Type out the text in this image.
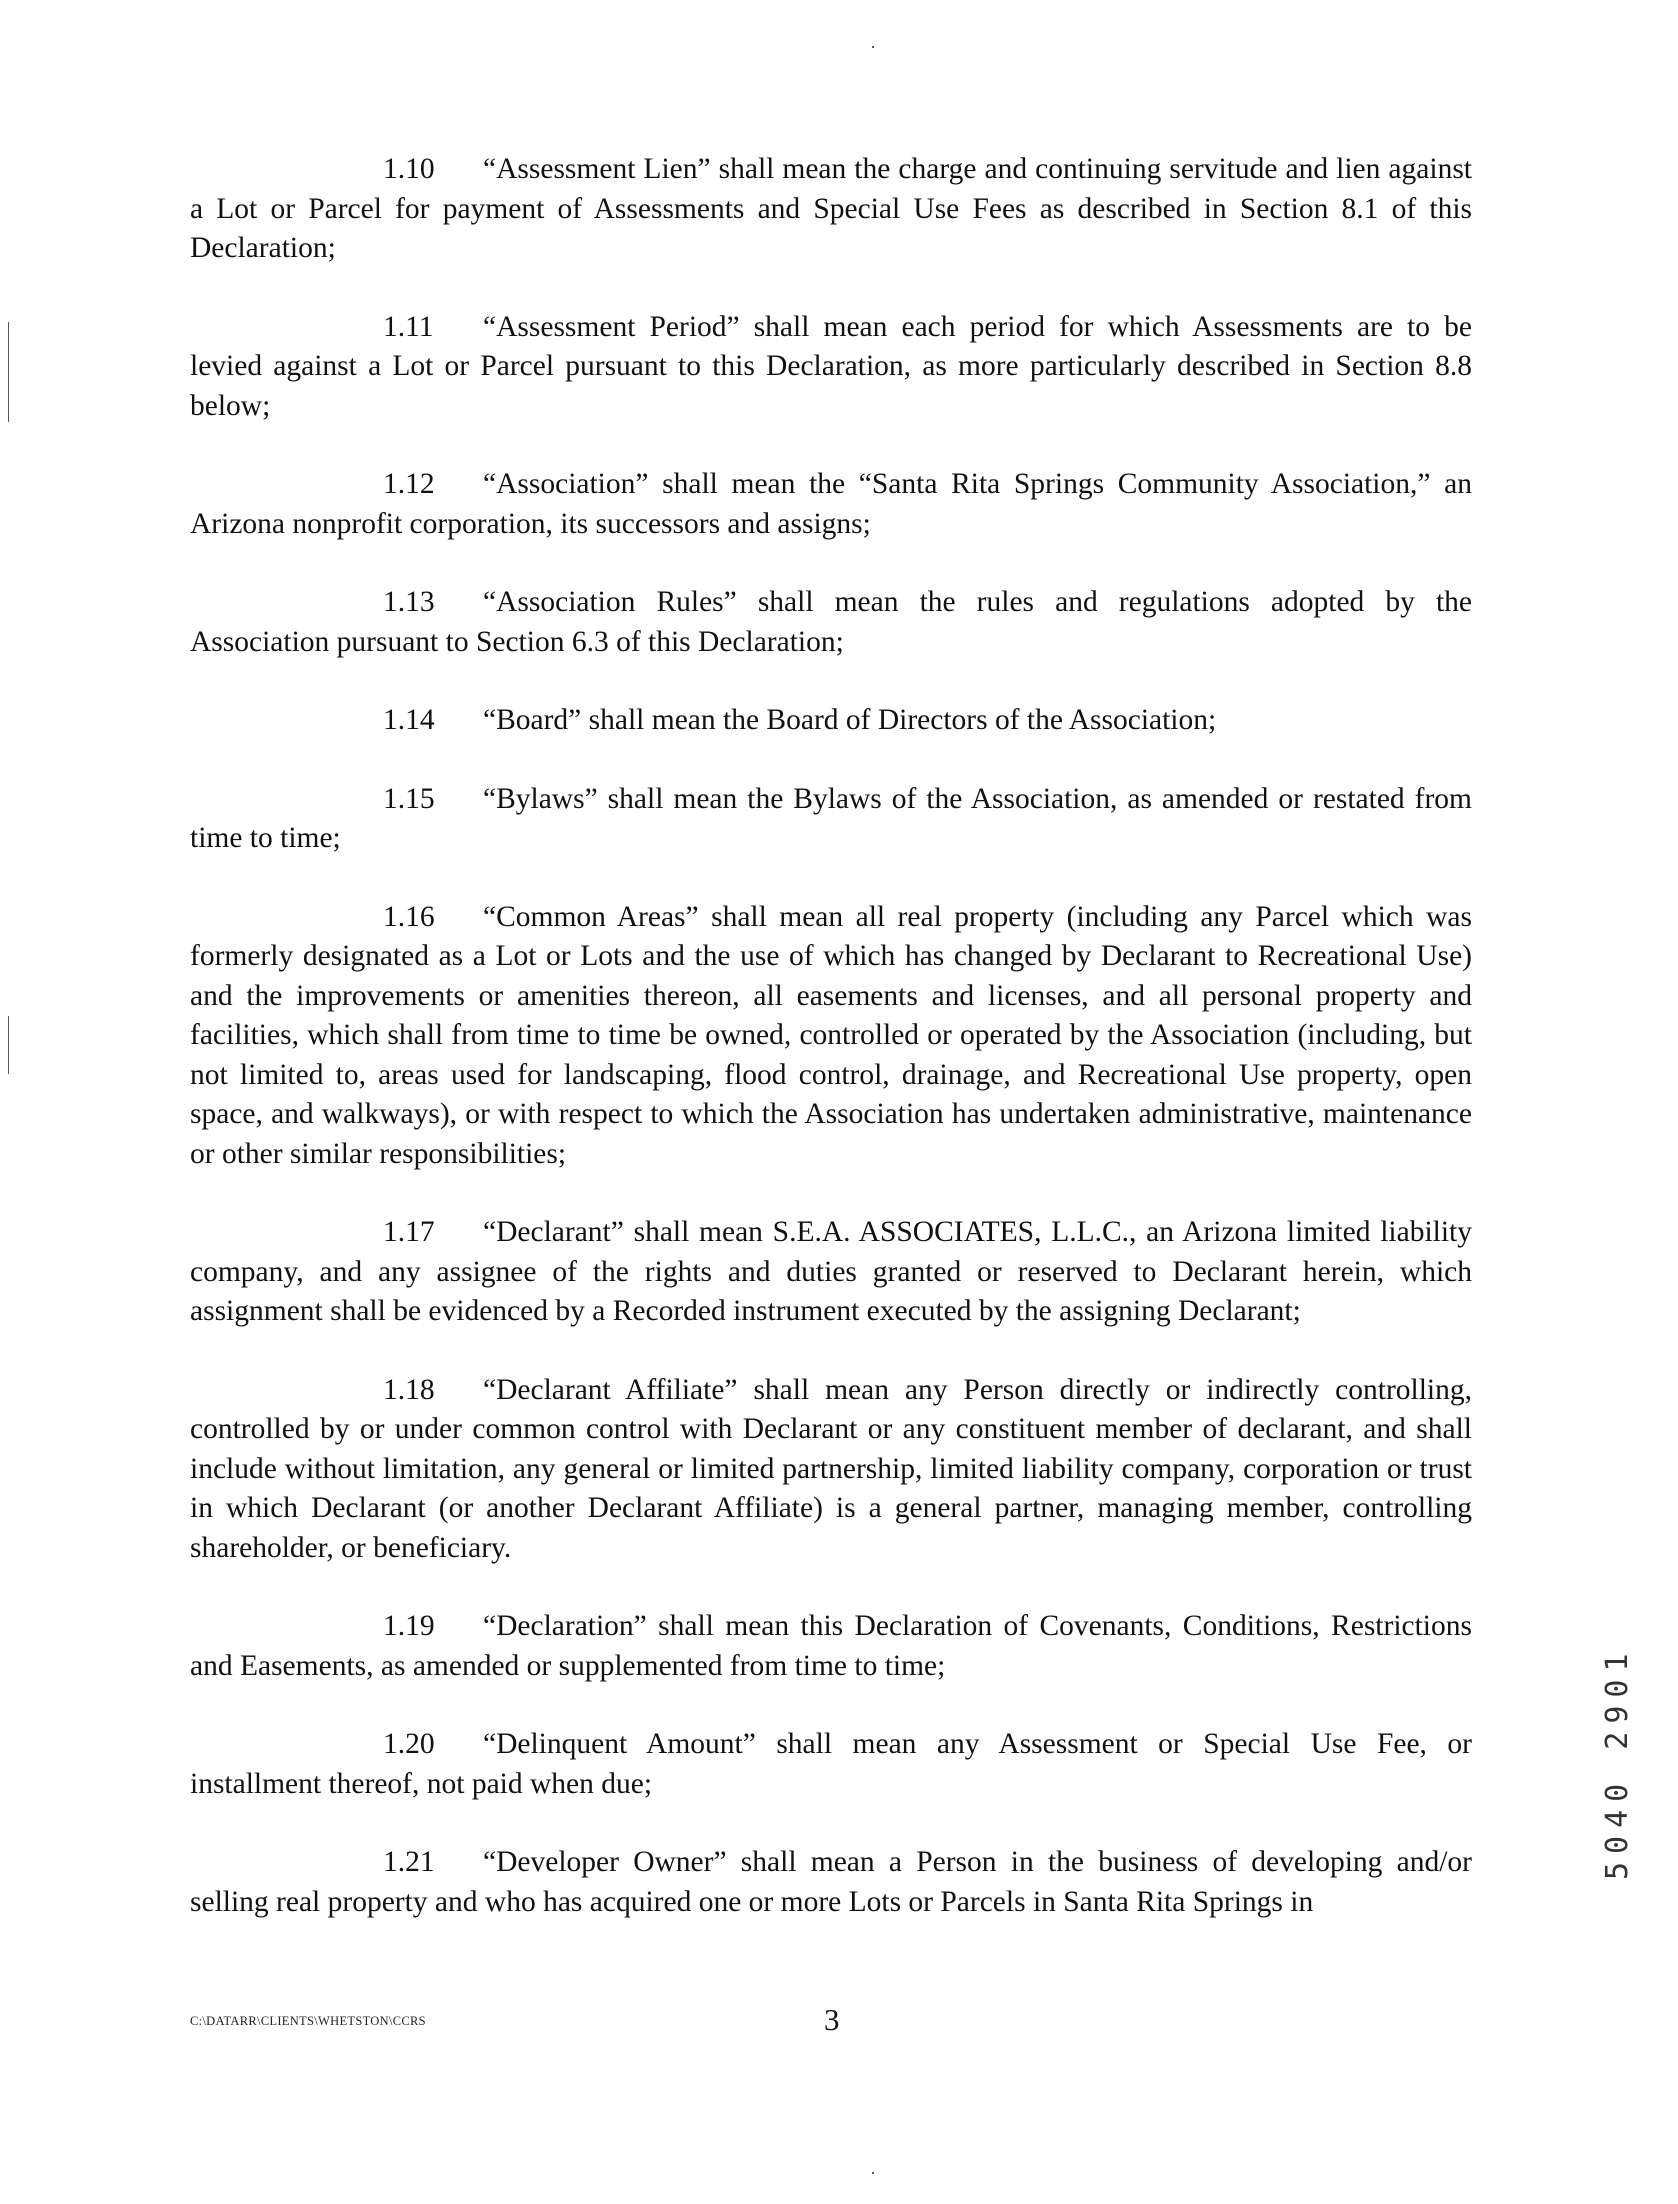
1.10 “Assessment Lien” shall mean the charge and continuing servitude and lien against a Lot or Parcel for payment of Assessments and Special Use Fees as described in Section 8.1 of this Declaration;

1.11 “Assessment Period” shall mean each period for which Assessments are to be levied against a Lot or Parcel pursuant to this Declaration, as more particularly described in Section 8.8 below;

1.12 “Association” shall mean the “Santa Rita Springs Community Association,” an Arizona nonprofit corporation, its successors and assigns;

1.13 “Association Rules” shall mean the rules and regulations adopted by the Association pursuant to Section 6.3 of this Declaration;

1.14 “Board” shall mean the Board of Directors of the Association;

1.15 “Bylaws” shall mean the Bylaws of the Association, as amended or restated from time to time;

1.16 “Common Areas” shall mean all real property (including any Parcel which was formerly designated as a Lot or Lots and the use of which has changed by Declarant to Recreational Use) and the improvements or amenities thereon, all easements and licenses, and all personal property and facilities, which shall from time to time be owned, controlled or operated by the Association (including, but not limited to, areas used for landscaping, flood control, drainage, and Recreational Use property, open space, and walkways), or with respect to which the Association has undertaken administrative, maintenance or other similar responsibilities;

1.17 “Declarant” shall mean S.E.A. ASSOCIATES, L.L.C., an Arizona limited liability company, and any assignee of the rights and duties granted or reserved to Declarant herein, which assignment shall be evidenced by a Recorded instrument executed by the assigning Declarant;

1.18 “Declarant Affiliate” shall mean any Person directly or indirectly controlling, controlled by or under common control with Declarant or any constituent member of declarant, and shall include without limitation, any general or limited partnership, limited liability company, corporation or trust in which Declarant (or another Declarant Affiliate) is a general partner, managing member, controlling shareholder, or beneficiary.

1.19 “Declaration” shall mean this Declaration of Covenants, Conditions, Restrictions and Easements, as amended or supplemented from time to time;

1.20 “Delinquent Amount” shall mean any Assessment or Special Use Fee, or installment thereof, not paid when due;

1.21 “Developer Owner” shall mean a Person in the business of developing and/or selling real property and who has acquired one or more Lots or Parcels in Santa Rita Springs in

C:\DATARR\CLIENTS\WHETSTON\CCRS	3
5040 2901
